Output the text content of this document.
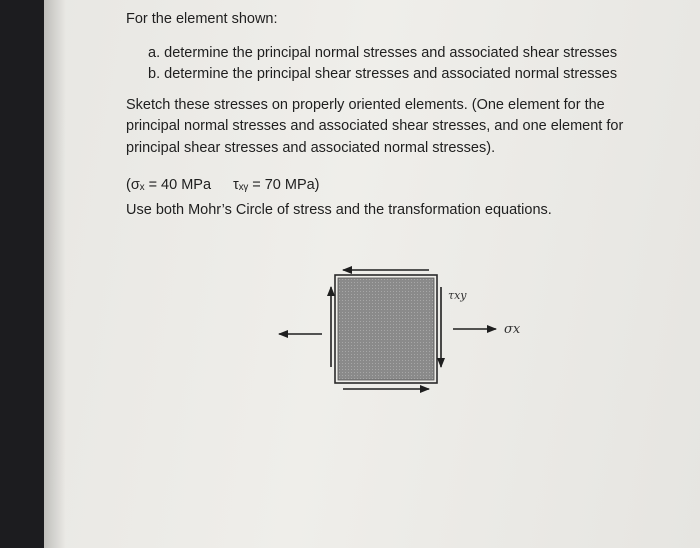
For the element shown:
a. determine the principal normal stresses and associated shear stresses
b. determine the principal shear stresses and associated normal stresses
Sketch these stresses on properly oriented elements. (One element for the
principal normal stresses and associated shear stresses, and one element for
principal shear stresses and associated normal stresses).
(σₓ = 40 MPa τₓᵧ = 70 MPa)
Use both Mohr’s Circle of stress and the transformation equations.
τxy
σx
